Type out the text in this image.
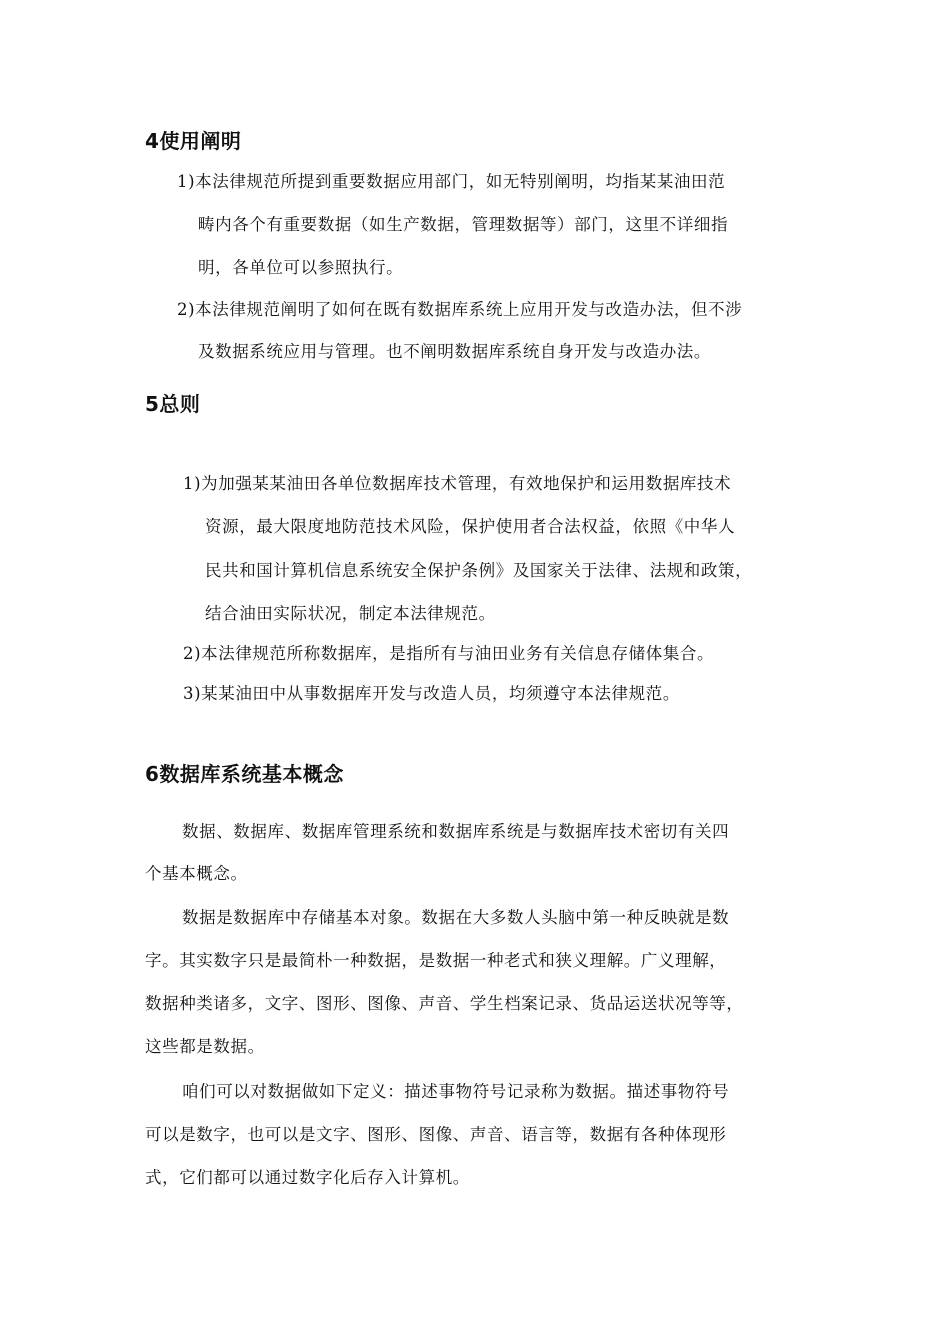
4使用阐明
1)本法律规范所提到重要数据应用部门，如无特别阐明，均指某某油田范
畴内各个有重要数据（如生产数据，管理数据等）部门，这里不详细指
明，各单位可以参照执行。
2)本法律规范阐明了如何在既有数据库系统上应用开发与改造办法，但不涉
及数据系统应用与管理。也不阐明数据库系统自身开发与改造办法。
5总则
1)为加强某某油田各单位数据库技术管理，有效地保护和运用数据库技术
资源，最大限度地防范技术风险，保护使用者合法权益，依照《中华人
民共和国计算机信息系统安全保护条例》及国家关于法律、法规和政策，
结合油田实际状况，制定本法律规范。
2)本法律规范所称数据库，是指所有与油田业务有关信息存储体集合。
3)某某油田中从事数据库开发与改造人员，均须遵守本法律规范。
6数据库系统基本概念
数据、数据库、数据库管理系统和数据库系统是与数据库技术密切有关四
个基本概念。
数据是数据库中存储基本对象。数据在大多数人头脑中第一种反映就是数
字。其实数字只是最简朴一种数据，是数据一种老式和狭义理解。广义理解，
数据种类诸多，文字、图形、图像、声音、学生档案记录、货品运送状况等等，
这些都是数据。
咱们可以对数据做如下定义：描述事物符号记录称为数据。描述事物符号
可以是数字，也可以是文字、图形、图像、声音、语言等，数据有各种体现形
式，它们都可以通过数字化后存入计算机。
